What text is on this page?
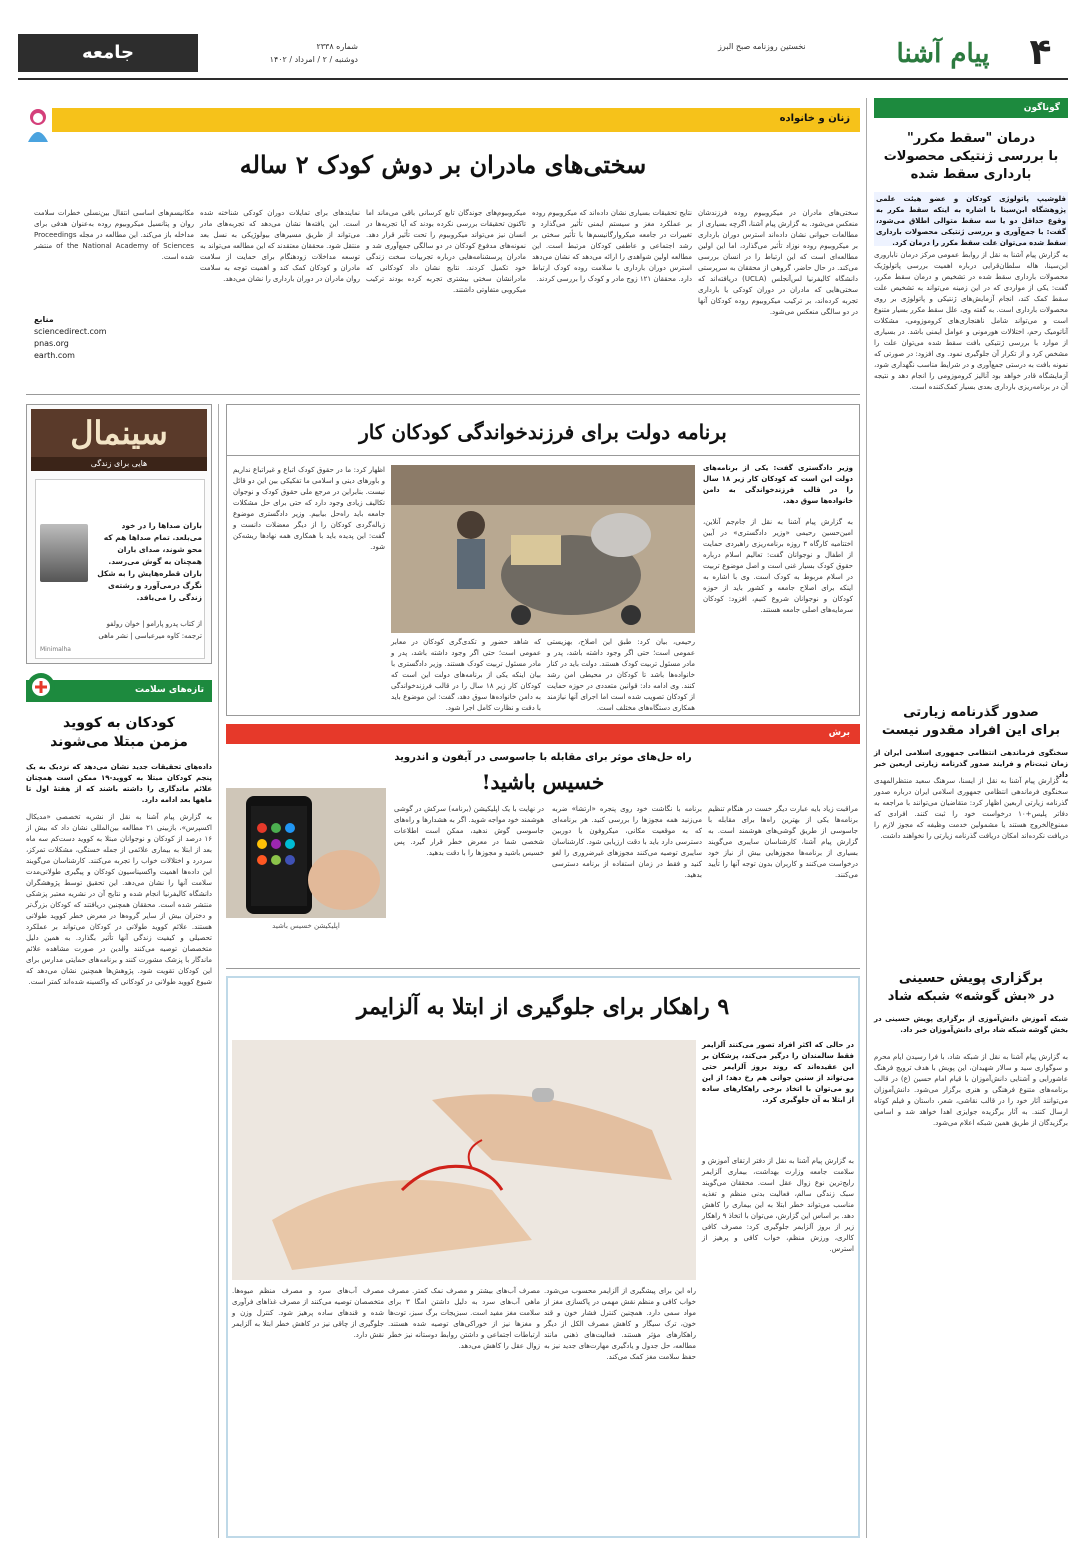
جامعه	شماره ۲۳۳۸
دوشنبه / ۲ / امرداد / ۱۴۰۲
نخستین روزنامه صبح البرز	پیام آشنا	۴
گوناگون
درمان "سقط مکرر"
با بررسی ژنتیکی محصولات
بارداری سقط شده
فلوشیپ پاتولوژی کودکان و عضو هیئت علمی پژوهشگاه ابن‌سینا با اشاره به اینکه سقط مکرر به وقوع حداقل دو یا سه سقط متوالی اطلاق می‌شود، گفت: با جمع‌آوری و بررسی ژنتیکی محصولات بارداری سقط شده می‌توان علت سقط مکرر را درمان کرد.
به گزارش پیام آشنا به نقل از روابط عمومی مرکز درمان ناباروری ابن‌سینا، هاله سلطان‌قرایی درباره اهمیت بررسی پاتولوژیک محصولات بارداری سقط شده در تشخیص و درمان سقط مکرر، گفت: یکی از مواردی که در این زمینه می‌تواند به تشخیص علت سقط کمک کند، انجام آزمایش‌های ژنتیکی و پاتولوژی بر روی محصولات بارداری است. به گفته وی، علل سقط مکرر بسیار متنوع است و می‌تواند شامل ناهنجاری‌های کروموزومی، مشکلات آناتومیک رحم، اختلالات هورمونی و عوامل ایمنی باشد. در بسیاری از موارد با بررسی ژنتیکی بافت سقط شده می‌توان علت را مشخص کرد و از تکرار آن جلوگیری نمود. وی افزود: در صورتی که نمونه بافت به درستی جمع‌آوری و در شرایط مناسب نگهداری شود، آزمایشگاه قادر خواهد بود آنالیز کروموزومی را انجام دهد و نتیجه آن در برنامه‌ریزی بارداری بعدی بسیار کمک‌کننده است.
صدور گذرنامه زیارتی
برای این افراد مقدور نیست
سخنگوی فرماندهی انتظامی جمهوری اسلامی ایران از زمان ثبت‌نام و فرایند صدور گذرنامه زیارتی اربعین خبر داد.
به گزارش پیام آشنا به نقل از ایسنا، سرهنگ سعید منتظرالمهدی سخنگوی فرماندهی انتظامی جمهوری اسلامی ایران درباره صدور گذرنامه زیارتی اربعین اظهار کرد: متقاضیان می‌توانند با مراجعه به دفاتر پلیس+۱۰ درخواست خود را ثبت کنند. افرادی که ممنوع‌الخروج هستند یا مشمولین خدمت وظیفه که مجوز لازم را دریافت نکرده‌اند امکان دریافت گذرنامه زیارتی را نخواهند داشت.
برگزاری پویش حسینی
در «بش گوشه» شبکه شاد
شبکه آموزش دانش‌آموزی از برگزاری پویش حسینی در بخش گوشه شبکه شاد برای دانش‌آموزان خبر داد.
به گزارش پیام آشنا به نقل از شبکه شاد، با فرا رسیدن ایام محرم و سوگواری سید و سالار شهیدان، این پویش با هدف ترویج فرهنگ عاشورایی و آشنایی دانش‌آموزان با قیام امام حسین (ع) در قالب برنامه‌های متنوع فرهنگی و هنری برگزار می‌شود. دانش‌آموزان می‌توانند آثار خود را در قالب نقاشی، شعر، داستان و فیلم کوتاه ارسال کنند. به آثار برگزیده جوایزی اهدا خواهد شد و اسامی برگزیدگان از طریق همین شبکه اعلام می‌شود.
زنان و خانواده
سختی‌های مادران بر دوش کودک ۲ ساله
سختی‌های مادران در میکروبیوم روده فرزندشان منعکس می‌شود. به گزارش پیام آشنا، اگرچه بسیاری از مطالعات حیوانی نشان داده‌اند استرس دوران بارداری بر میکروبیوم روده نوزاد تأثیر می‌گذارد، اما این اولین مطالعه‌ای است که این ارتباط را در انسان بررسی می‌کند. در حال حاضر، گروهی از محققان به سرپرستی دانشگاه کالیفرنیا لس‌آنجلس (UCLA) دریافته‌اند که سختی‌هایی که مادران در دوران کودکی یا بارداری تجربه کرده‌اند، بر ترکیب میکروبیوم روده کودکان آنها در دو سالگی منعکس می‌شود.
نتایج تحقیقات بسیاری نشان داده‌اند که میکروبیوم روده بر عملکرد مغز و سیستم ایمنی تأثیر می‌گذارد و تغییرات در جامعه میکروارگانیسم‌ها با تأثیر سختی بر رشد اجتماعی و عاطفی کودکان مرتبط است. این مطالعه اولین شواهدی را ارائه می‌دهد که نشان می‌دهد استرس دوران بارداری با سلامت روده کودک ارتباط دارد. محققان ۱۲۱ زوج مادر و کودک را بررسی کردند.
میکروبیوم‌های جوندگان تابع کرسانی باقی می‌ماند اما تاکنون تحقیقات بررسی نکرده بودند که آیا تجربه‌ها در انسان نیز می‌تواند میکروبیوم را تحت تأثیر قرار دهد. نمونه‌های مدفوع کودکان در دو سالگی جمع‌آوری شد و مادران پرسشنامه‌هایی درباره تجربیات سخت زندگی خود تکمیل کردند. نتایج نشان داد کودکانی که مادرانشان سختی بیشتری تجربه کرده بودند ترکیب میکروبی متفاوتی داشتند.
نمایندهای برای تمایلات دوران کودکی شناخته شده است. این یافته‌ها نشان می‌دهد که تجربه‌های مادر می‌تواند از طریق مسیرهای بیولوژیکی به نسل بعد منتقل شود. محققان معتقدند که این مطالعه می‌تواند به توسعه مداخلات زودهنگام برای حمایت از سلامت مادران و کودکان کمک کند و اهمیت توجه به سلامت روان مادران در دوران بارداری را نشان می‌دهد.
مکانیسم‌های اساسی انتقال بین‌نسلی خطرات سلامت روان و پتانسیل میکروبیوم روده به‌عنوان هدفی برای مداخله باز می‌کند. این مطالعه در مجله Proceedings of the National Academy of Sciences منتشر شده است.
منابع
sciencedirect.com
pnas.org
earth.com
سینمال
هایی برای زندگی
باران صداها را در خود می‌بلعد. تمام صداها هم که محو شوند، صدای باران همچنان به گوش می‌رسد. باران قطره‌هایش را به شکل نگرگ درمی‌آورد و رشته‌ی زندگی را می‌بافد.
از کتاب پدرو پارامو | خوان رولفو
ترجمه: کاوه میرعباسی | نشر ماهی
Minimalha
تازه‌های سلامت
کودکان به کووید
مزمن مبتلا می‌شوند
داده‌های تحقیقات جدید نشان می‌دهد که نزدیک به یک پنجم کودکان مبتلا به کووید-۱۹ ممکن است همچنان علائم ماندگاری را داشته باشند که از هفتۀ اول تا ماهها بعد ادامه دارد.
به گزارش پیام آشنا به نقل از نشریه تخصصی «مدیکال اکسپرس»، بازبینی ۲۱ مطالعه بین‌المللی نشان داد که بیش از ۱۶ درصد از کودکان و نوجوانان مبتلا به کووید دست‌کم سه ماه بعد از ابتلا به بیماری علائمی از جمله خستگی، مشکلات تمرکز، سردرد و اختلالات خواب را تجربه می‌کنند. کارشناسان می‌گویند این داده‌ها اهمیت واکسیناسیون کودکان و پیگیری طولانی‌مدت سلامت آنها را نشان می‌دهد. این تحقیق توسط پژوهشگران دانشگاه کالیفرنیا انجام شده و نتایج آن در نشریه معتبر پزشکی منتشر شده است. محققان همچنین دریافتند که کودکان بزرگ‌تر و دختران بیش از سایر گروه‌ها در معرض خطر کووید طولانی هستند. علائم کووید طولانی در کودکان می‌تواند بر عملکرد تحصیلی و کیفیت زندگی آنها تأثیر بگذارد. به همین دلیل متخصصان توصیه می‌کنند والدین در صورت مشاهده علائم ماندگار با پزشک مشورت کنند و برنامه‌های حمایتی مدارس برای این کودکان تقویت شود. پژوهش‌ها همچنین نشان می‌دهد که شیوع کووید طولانی در کودکانی که واکسینه شده‌اند کمتر است.
برنامه دولت برای فرزندخواندگی کودکان کار
وزیر دادگستری گفت: یکی از برنامه‌های دولت این است که کودکان کار زیر ۱۸ سال را در قالب فرزندخواندگی به دامن خانواده‌ها سوق دهد.
به گزارش پیام آشنا به نقل از جام‌جم آنلاین، امین‌حسین رحیمی «وزیر دادگستری» در آیین اختتامیه کارگاه ۳ روزه برنامه‌ریزی راهبردی حمایت از اطفال و نوجوانان گفت: تعالیم اسلام درباره حقوق کودک بسیار غنی است و اصل موضوع تربیت در اسلام مربوط به کودک است. وی با اشاره به اینکه برای اصلاح جامعه و کشور باید از حوزه کودکان و نوجوانان شروع کنیم، افزود: کودکان سرمایه‌های اصلی جامعه هستند.
رحیمی، بیان کرد: طبق این اصلاح، بهزیستی عمومی است؛ حتی اگر وجود داشته باشد، پدر و مادر مسئول تربیت کودک هستند. دولت باید در کنار خانواده‌ها باشد تا کودکان در محیطی امن رشد کنند. وی ادامه داد: قوانین متعددی در حوزه حمایت از کودکان تصویب شده است اما اجرای آنها نیازمند همکاری دستگاه‌های مختلف است.
که شاهد حضور و تکدی‌گری کودکان در معابر عمومی است؛ حتی اگر وجود داشته باشد، پدر و مادر مسئول تربیت کودک هستند. وزیر دادگستری با بیان اینکه یکی از برنامه‌های دولت این است که کودکان کار زیر ۱۸ سال را در قالب فرزندخواندگی به دامن خانواده‌ها سوق دهد، گفت: این موضوع باید با دقت و نظارت کامل اجرا شود.
اظهار کرد: ما در حقوق کودک اتباع و غیراتباع نداریم و باورهای دینی و اسلامی ما تفکیکی بین این دو قائل نیست. بنابراین در مرجع ملی حقوق کودک و نوجوان تکالیف زیادی وجود دارد که حتی برای حل مشکلات جامعه باید راه‌حل بیابیم. وزیر دادگستری موضوع زباله‌گردی کودکان را از دیگر معضلات دانست و گفت: این پدیده باید با همکاری همه نهادها ریشه‌کن شود.
برش
راه حل‌های موثر برای مقابله با جاسوسی در آیفون و اندروید
خسیس باشید!
مراقبت زیاد بایه عبارت دیگر خست در هنگام تنظیم برنامه‌ها یکی از بهترین راه‌ها برای مقابله با جاسوسی از طریق گوشی‌های هوشمند است. به گزارش پیام آشنا، کارشناسان سایبری می‌گویند بسیاری از برنامه‌ها مجوزهایی بیش از نیاز خود درخواست می‌کنند و کاربران بدون توجه آنها را تأیید می‌کنند.
برنامه با نگاشت خود روی پنجره «ارتشا» ضربه می‌زنید همه مجوزها را بررسی کنید. هر برنامه‌ای که به موقعیت مکانی، میکروفون یا دوربین دسترسی دارد باید با دقت ارزیابی شود. کارشناسان سایبری توصیه می‌کنند مجوزهای غیرضروری را لغو کنید و فقط در زمان استفاده از برنامه دسترسی بدهید.
در نهایت با یک اپلیکیشن (برنامه) سرکش در گوشی هوشمند خود مواجه شوید. اگر به هشدارها و راه‌های جاسوسی گوش ندهید، ممکن است اطلاعات شخصی شما در معرض خطر قرار گیرد. پس خسیس باشید و مجوزها را با دقت بدهید.
اپلیکیشن خسیس باشید
۹ راهکار برای جلوگیری از ابتلا به آلزایمر
در حالی که اکثر افراد تصور می‌کنند آلزایمر فقط سالمندان را درگیر می‌کند، پزشکان بر این عقیده‌اند که روند بروز آلزایمر حتی می‌تواند از سنین جوانی هم رخ دهد؛ از این رو می‌توان با اتخاذ برخی راهکارهای ساده از ابتلا به آن جلوگیری کرد.
به گزارش پیام آشنا به نقل از دفتر ارتقای آموزش و سلامت جامعه وزارت بهداشت، بیماری آلزایمر رایج‌ترین نوع زوال عقل است. محققان می‌گویند سبک زندگی سالم، فعالیت بدنی منظم و تغذیه مناسب می‌تواند خطر ابتلا به این بیماری را کاهش دهد. بر اساس این گزارش، می‌توان با اتخاذ ۹ راهکار زیر از بروز آلزایمر جلوگیری کرد: مصرف کافی کالری، ورزش منظم، خواب کافی و پرهیز از استرس.
راه این برای پیشگیری از آلزایمر محسوب می‌شود. خواب کافی و منظم نقش مهمی در پاکسازی مغز از مواد سمی دارد. همچنین کنترل فشار خون و قند خون، ترک سیگار و کاهش مصرف الکل از دیگر راهکارهای مؤثر هستند. فعالیت‌های ذهنی مانند مطالعه، حل جدول و یادگیری مهارت‌های جدید نیز به حفظ سلامت مغز کمک می‌کند.
مصرف آب‌های بیشتر و مصرف نمک کمتر. مصرف ماهی آب‌های سرد به دلیل داشتن امگا ۳ برای سلامت مغز مفید است. سبزیجات برگ سبز، توت‌ها و مغزها نیز از خوراکی‌های توصیه شده هستند. ارتباطات اجتماعی و داشتن روابط دوستانه نیز خطر زوال عقل را کاهش می‌دهد.
مصرف آب‌های سرد و مصرف منظم میوه‌ها. متخصصان توصیه می‌کنند از مصرف غذاهای فرآوری شده و قندهای ساده پرهیز شود. کنترل وزن و جلوگیری از چاقی نیز در کاهش خطر ابتلا به آلزایمر نقش دارد.
